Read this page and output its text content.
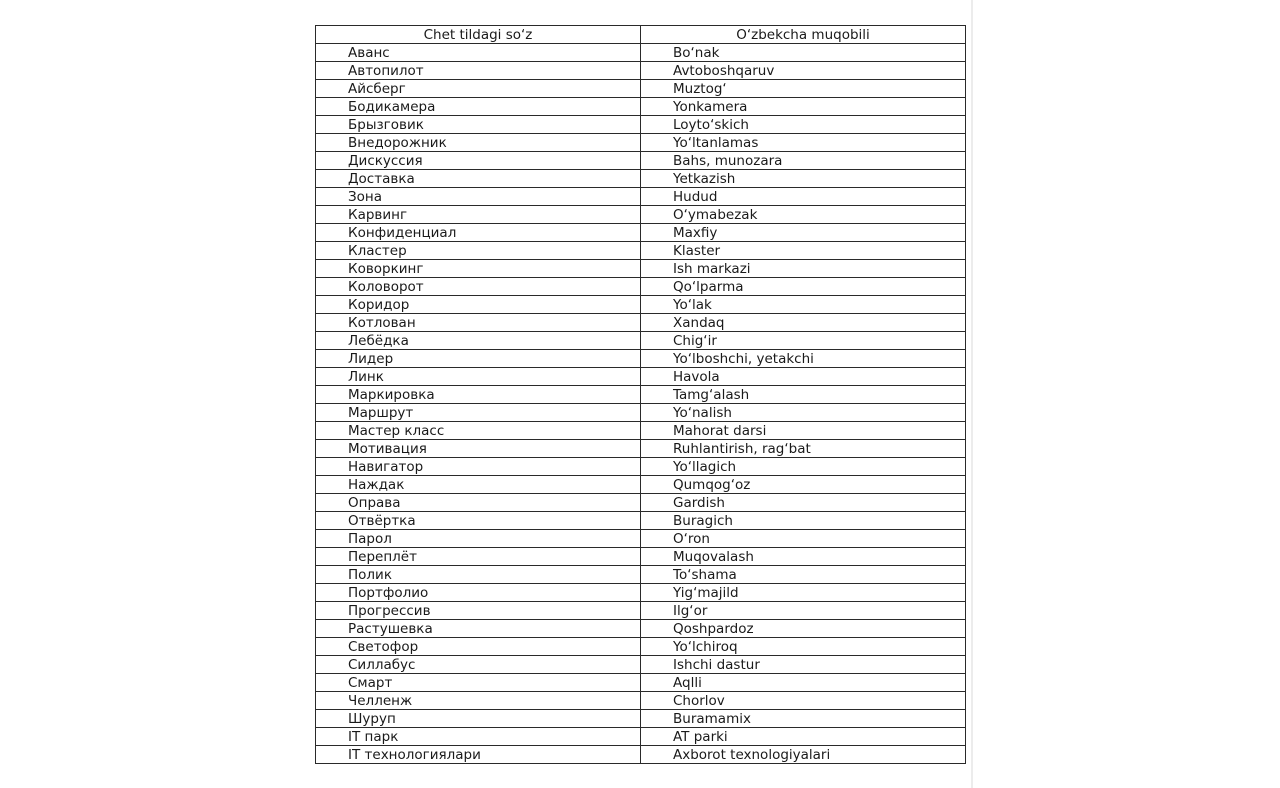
Chet tildagi so‘z	O‘zbekcha muqobili
Аванс	Bo‘nak
Автопилот	Avtoboshqaruv
Айсберг	Muztog‘
Бодикамера	Yonkamera
Брызговик	Loyto‘skich
Внедорожник	Yo‘ltanlamas
Дискуссия	Bahs, munozara
Доставка	Yetkazish
Зона	Hudud
Карвинг	O‘ymabezak
Конфиденциал	Maxfiy
Кластер	Klaster
Коворкинг	Ish markazi
Коловорот	Qo‘lparma
Коридор	Yo‘lak
Котлован	Xandaq
Лебёдка	Chig‘ir
Лидер	Yo‘lboshchi, yetakchi
Линк	Havola
Маркировка	Tamg‘alash
Маршрут	Yo‘nalish
Мастер класс	Mahorat darsi
Мотивация	Ruhlantirish, rag‘bat
Навигатор	Yo‘llagich
Наждак	Qumqog‘oz
Оправа	Gardish
Отвёртка	Buragich
Парол	O‘ron
Переплёт	Muqovalash
Полик	To‘shama
Портфолио	Yig‘majild
Прогрессив	Ilg‘or
Растушевка	Qoshpardoz
Светофор	Yo‘lchiroq
Силлабус	Ishchi dastur
Смарт	Aqlli
Челленж	Chorlov
Шуруп	Buramamix
IT парк	AT parki
IT технологиялари	Axborot texnologiyalari
